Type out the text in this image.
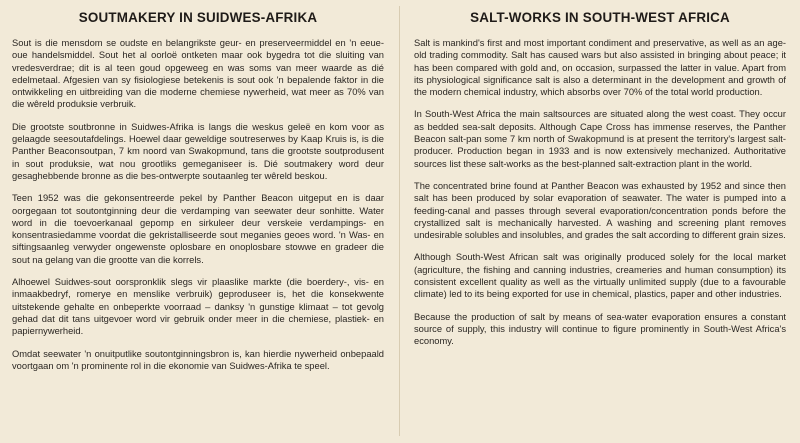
SOUTMAKERY IN SUIDWES-AFRIKA

Sout is die mensdom se oudste en belangrikste geur- en preserveermiddel en 'n eeue-oue handelsmiddel. Sout het al oorloë ontketen maar ook bygedra tot die sluiting van vredesverdrae; dit is al teen goud opgeweeg en was soms van meer waarde as dié edelmetaal. Afgesien van sy fisiologiese betekenis is sout ook 'n bepalende faktor in die ontwikkeling en uitbreiding van die moderne chemiese nywerheid, wat meer as 70% van die wêreld produksie verbruik.

Die grootste soutbronne in Suidwes-Afrika is langs die weskus geleë en kom voor as gelaagde seesoutafdelings. Hoewel daar geweldige soutreserwes by Kaap Kruis is, is die Panther Beaconsoutpan, 7 km noord van Swakopmund, tans die grootste soutprodusent in sout produksie, wat nou grootliks gemeganiseer is. Dié soutmakery word deur gesaghebbende bronne as die bes-ontwerpte soutaanleg ter wêreld beskou.

Teen 1952 was die gekonsentreerde pekel by Panther Beacon uitgeput en is daar oorgegaan tot soutontginning deur die verdamping van seewater deur sonhitte. Water word in die toevoerkanaal gepomp en sirkuleer deur verskeie verdampings- en konsentrasiedamme voordat die gekristalliseerde sout meganies geoes word. 'n Was- en siftingsaanleg verwyder ongewenste oplosbare en onoplosbare stowwe en gradeer die sout na gelang van die grootte van die korrels.

Alhoewel Suidwes-sout oorspronklik slegs vir plaaslike markte (die boerdery-, vis- en inmaakbedryf, romerye en menslike verbruik) geproduseer is, het die konsekwente uitstekende gehalte en onbeperkte voorraad – danksy 'n gunstige klimaat – tot gevolg gehad dat dit tans uitgevoer word vir gebruik onder meer in die chemiese, plastiek- en papiernywerheid.

Omdat seewater 'n onuitputlike soutontginningsbron is, kan hierdie nywerheid onbepaald voortgaan om 'n prominente rol in die ekonomie van Suidwes-Afrika te speel.

SALT-WORKS IN SOUTH-WEST AFRICA

Salt is mankind's first and most important condiment and preservative, as well as an age-old trading commodity. Salt has caused wars but also assisted in bringing about peace; it has been compared with gold and, on occasion, surpassed the latter in value. Apart from its physiological significance salt is also a determinant in the development and growth of the modern chemical industry, which absorbs over 70% of the total world production.

In South-West Africa the main saltsources are situated along the west coast. They occur as bedded sea-salt deposits. Although Cape Cross has immense reserves, the Panther Beacon salt-pan some 7 km north of Swakopmund is at present the territory's largest salt-producer. Production began in 1933 and is now extensively mechanized. Authoritative sources list these salt-works as the best-planned salt-extraction plant in the world.

The concentrated brine found at Panther Beacon was exhausted by 1952 and since then salt has been produced by solar evaporation of seawater. The water is pumped into a feeding-canal and passes through several evaporation/concentration ponds before the crystallized salt is mechanically harvested. A washing and screening plant removes undesirable solubles and insolubles, and grades the salt according to different grain sizes.

Although South-West African salt was originally produced solely for the local market (agriculture, the fishing and canning industries, creameries and human consumption) its consistent excellent quality as well as the virtually unlimited supply (due to a favourable climate) led to its being exported for use in chemical, plastics, paper and other industries.

Because the production of salt by means of sea-water evaporation ensures a constant source of supply, this industry will continue to figure prominently in South-West Africa's economy.
